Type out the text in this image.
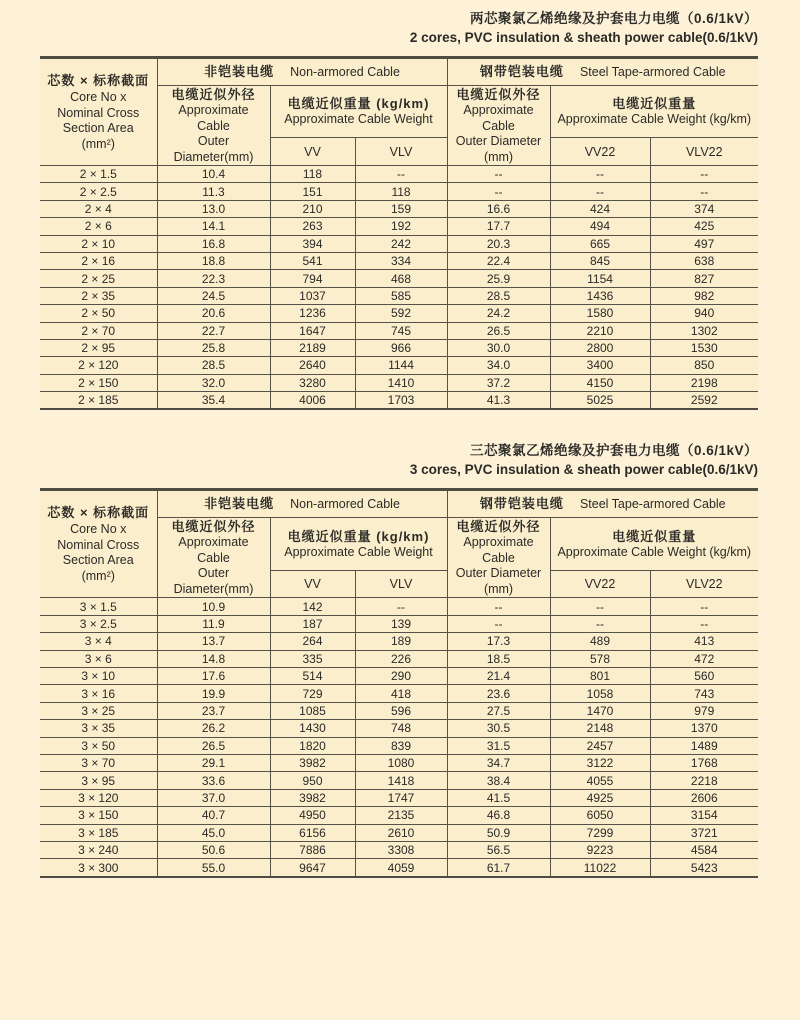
两芯聚氯乙烯绝缘及护套电力电缆（0.6/1kV）
2 cores, PVC insulation & sheath power cable(0.6/1kV)
芯数 × 标称截面
Core No x
Nominal Cross
Section Area
(mm²)	非铠装电缆 Non-armored Cable			钢带铠装电缆 Steel Tape-armored Cable		

电缆近似外径
Approximate Cable
Outer Diameter(mm)

电缆近似重量 (kg/km)
Approximate Cable Weight

电缆近似外径
Approximate Cable
Outer Diameter
(mm)

电缆近似重量
Approximate Cable Weight (kg/km)

		VV	VLV		VV22	VLV22
2 × 1.5	10.4	118	--	--	--	--
2 × 2.5	11.3	151	118	--	--	--
2 × 4	13.0	210	159	16.6	424	374
2 × 6	14.1	263	192	17.7	494	425
2 × 10	16.8	394	242	20.3	665	497
2 × 16	18.8	541	334	22.4	845	638
2 × 25	22.3	794	468	25.9	1154	827
2 × 35	24.5	1037	585	28.5	1436	982
2 × 50	20.6	1236	592	24.2	1580	940
2 × 70	22.7	1647	745	26.5	2210	1302
2 × 95	25.8	2189	966	30.0	2800	1530
2 × 120	28.5	2640	1144	34.0	3400	850
2 × 150	32.0	3280	1410	37.2	4150	2198
2 × 185	35.4	4006	1703	41.3	5025	2592
三芯聚氯乙烯绝缘及护套电力电缆（0.6/1kV）
3 cores, PVC insulation & sheath power cable(0.6/1kV)
芯数 × 标称截面
Core No x
Nominal Cross
Section Area
(mm²)	非铠装电缆 Non-armored Cable			钢带铠装电缆 Steel Tape-armored Cable		

电缆近似外径
Approximate Cable
Outer Diameter(mm)

电缆近似重量 (kg/km)
Approximate Cable Weight

电缆近似外径
Approximate Cable
Outer Diameter
(mm)

电缆近似重量
Approximate Cable Weight (kg/km)

		VV	VLV		VV22	VLV22
3 × 1.5	10.9	142	--	--	--	--
3 × 2.5	11.9	187	139	--	--	--
3 × 4	13.7	264	189	17.3	489	413
3 × 6	14.8	335	226	18.5	578	472
3 × 10	17.6	514	290	21.4	801	560
3 × 16	19.9	729	418	23.6	1058	743
3 × 25	23.7	1085	596	27.5	1470	979
3 × 35	26.2	1430	748	30.5	2148	1370
3 × 50	26.5	1820	839	31.5	2457	1489
3 × 70	29.1	3982	1080	34.7	3122	1768
3 × 95	33.6	950	1418	38.4	4055	2218
3 × 120	37.0	3982	1747	41.5	4925	2606
3 × 150	40.7	4950	2135	46.8	6050	3154
3 × 185	45.0	6156	2610	50.9	7299	3721
3 × 240	50.6	7886	3308	56.5	9223	4584
3 × 300	55.0	9647	4059	61.7	11022	5423
